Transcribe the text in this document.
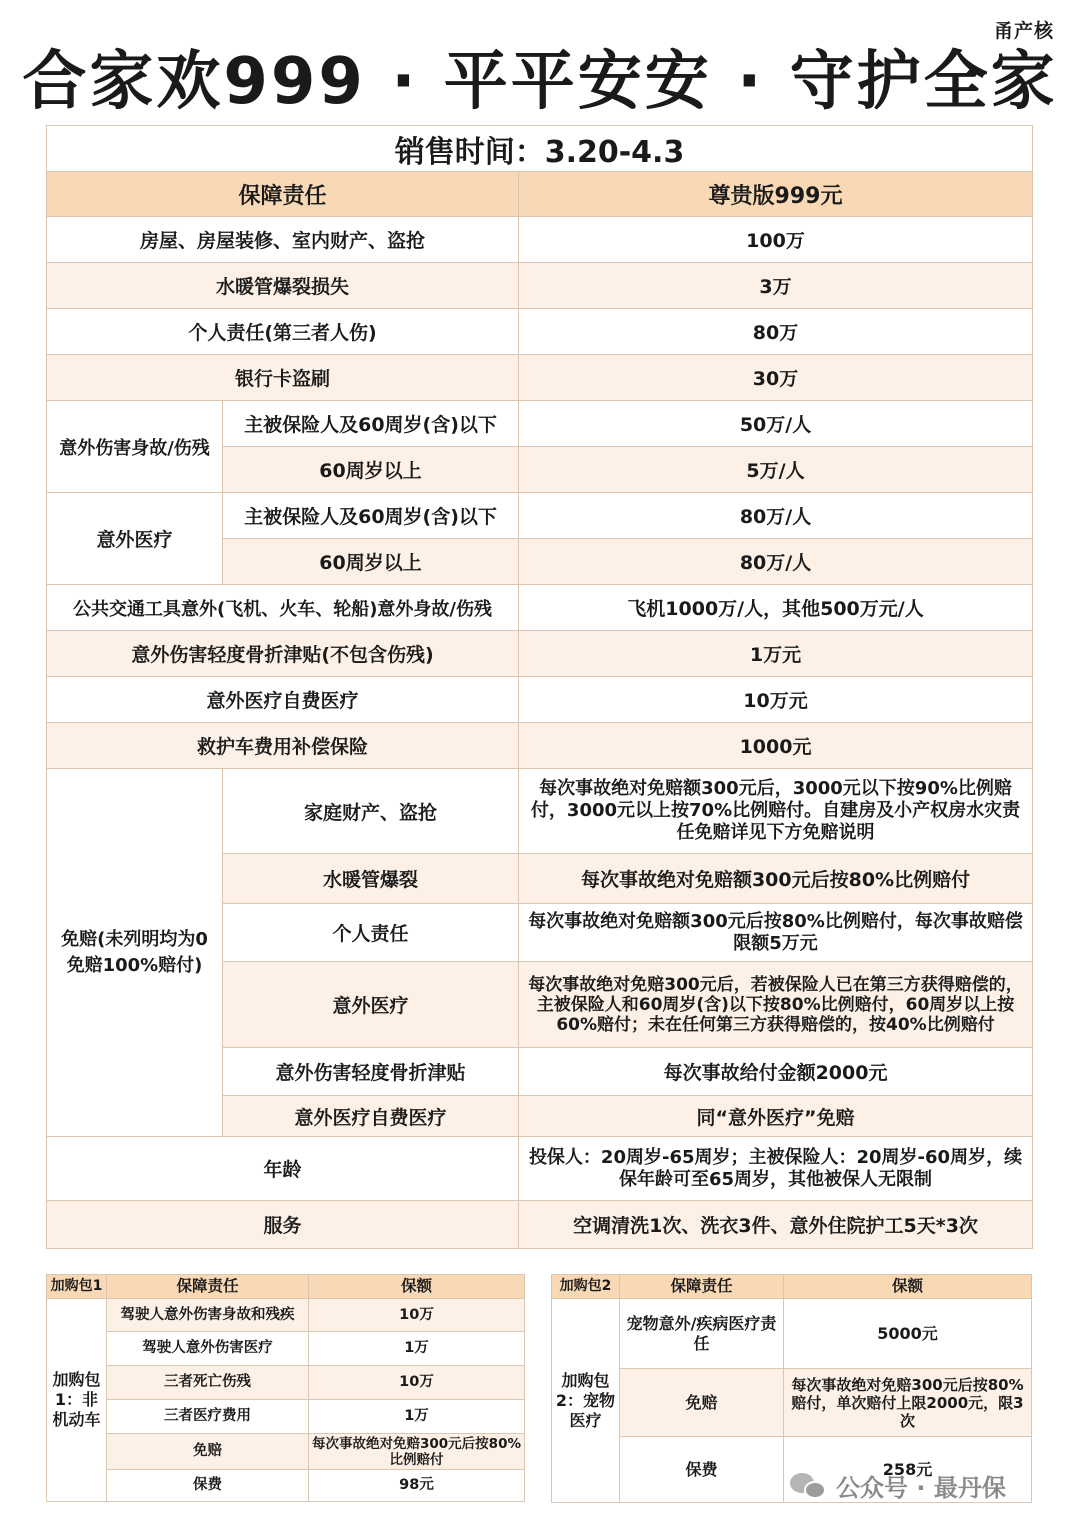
甬产核
合家欢999 · 平平安安 · 守护全家
销售时间：3.20-4.3		
保障责任		尊贵版999元
房屋、房屋装修、室内财产、盗抢		100万
水暖管爆裂损失		3万
个人责任(第三者人伤)		80万
银行卡盗刷		30万
意外伤害身故/伤残	主被保险人及60周岁(含)以下	50万/人
	60周岁以上	5万/人
意外医疗	主被保险人及60周岁(含)以下	80万/人
	60周岁以上	80万/人
公共交通工具意外(飞机、火车、轮船)意外身故/伤残		飞机1000万/人，其他500万元/人
意外伤害轻度骨折津贴(不包含伤残)		1万元
意外医疗自费医疗		10万元
救护车费用补偿保险		1000元
免赔(未列明均为0免赔100%赔付)	家庭财产、盗抢	每次事故绝对免赔额300元后，3000元以下按90%比例赔付，3000元以上按70%比例赔付。自建房及小产权房水灾责任免赔详见下方免赔说明
	水暖管爆裂	每次事故绝对免赔额300元后按80%比例赔付
	个人责任	每次事故绝对免赔额300元后按80%比例赔付，每次事故赔偿限额5万元
	意外医疗	每次事故绝对免赔300元后，若被保险人已在第三方获得赔偿的，主被保险人和60周岁(含)以下按80%比例赔付，60周岁以上按60%赔付；未在任何第三方获得赔偿的，按40%比例赔付
	意外伤害轻度骨折津贴	每次事故给付金额2000元
	意外医疗自费医疗	同“意外医疗”免赔
年龄		投保人：20周岁-65周岁；主被保险人：20周岁-60周岁，续保年龄可至65周岁，其他被保人无限制
服务		空调清洗1次、洗衣3件、意外住院护工5天*3次
加购包1	保障责任	保额
加购包1：非机动车	驾驶人意外伤害身故和残疾	10万
	驾驶人意外伤害医疗	1万
	三者死亡伤残	10万
	三者医疗费用	1万
	免赔	每次事故绝对免赔300元后按80%比例赔付
	保费	98元
加购包2	保障责任	保额
加购包2：宠物医疗	宠物意外/疾病医疗责任	5000元
	免赔	每次事故绝对免赔300元后按80%赔付，单次赔付上限2000元，限3次
	保费	258元
公众号 · 最丹保
